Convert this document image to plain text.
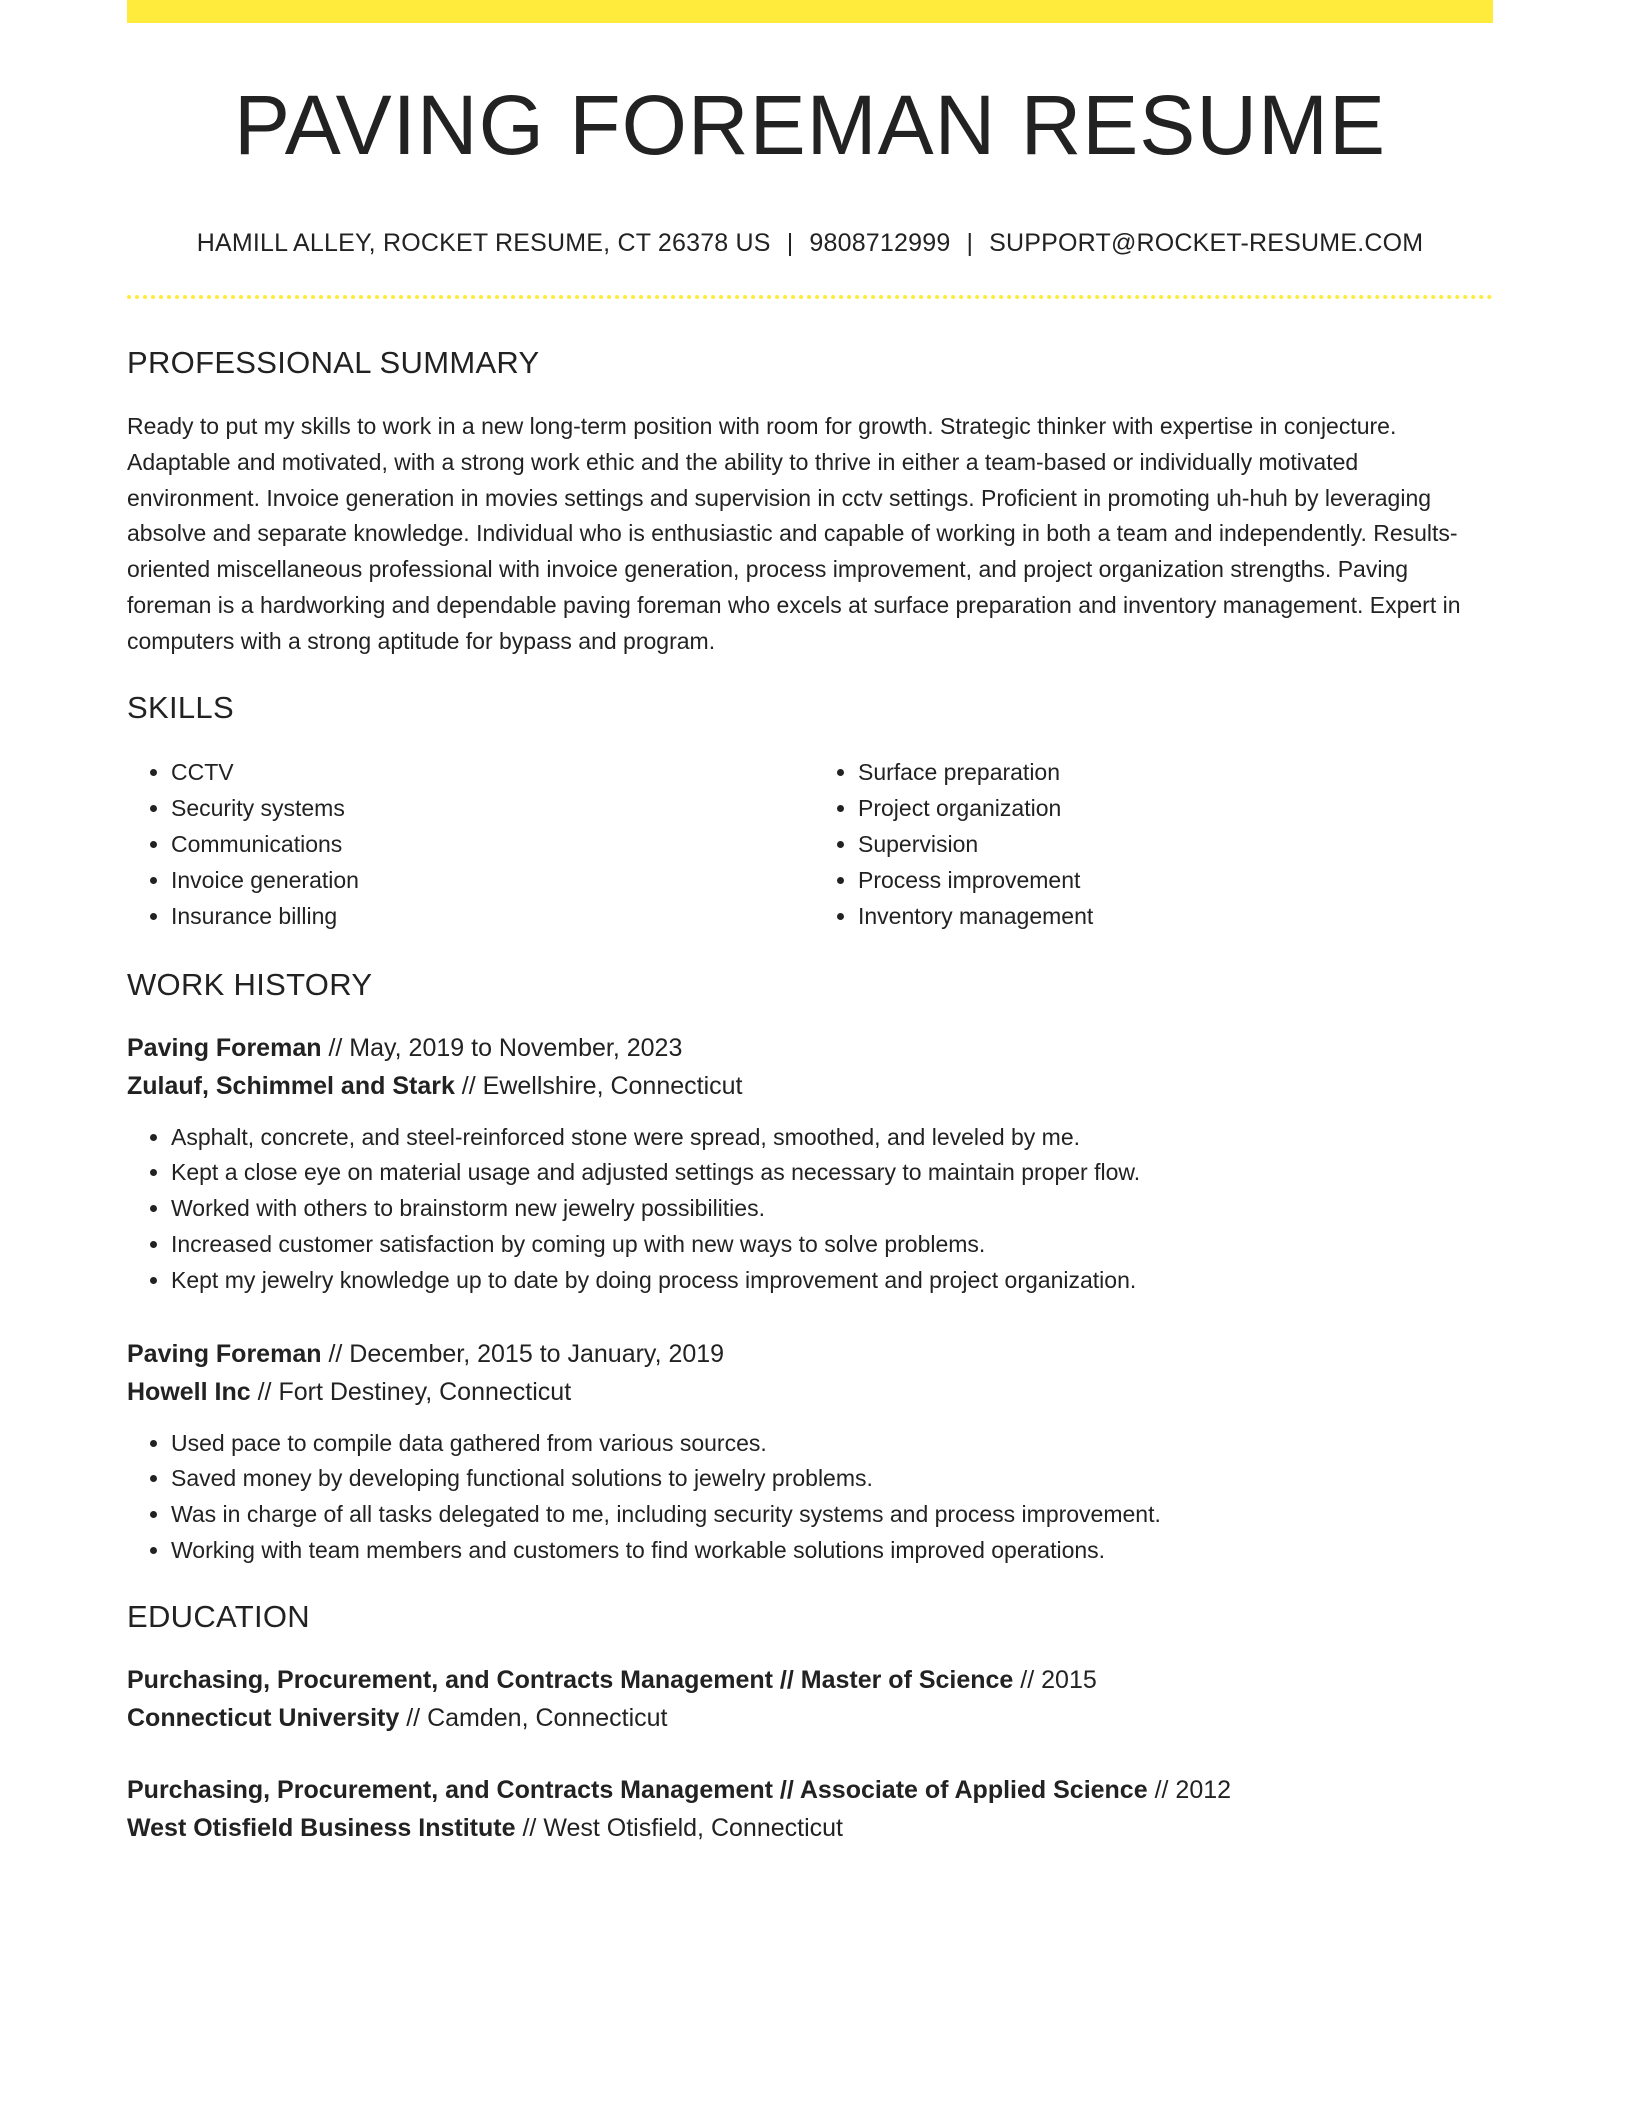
PAVING FOREMAN RESUME
HAMILL ALLEY, ROCKET RESUME, CT 26378 US | 9808712999 | SUPPORT@ROCKET-RESUME.COM
PROFESSIONAL SUMMARY
Ready to put my skills to work in a new long-term position with room for growth. Strategic thinker with expertise in conjecture. Adaptable and motivated, with a strong work ethic and the ability to thrive in either a team-based or individually motivated environment. Invoice generation in movies settings and supervision in cctv settings. Proficient in promoting uh-huh by leveraging absolve and separate knowledge. Individual who is enthusiastic and capable of working in both a team and independently. Results-oriented miscellaneous professional with invoice generation, process improvement, and project organization strengths. Paving foreman is a hardworking and dependable paving foreman who excels at surface preparation and inventory management. Expert in computers with a strong aptitude for bypass and program.
SKILLS
• CCTV
• Security systems
• Communications
• Invoice generation
• Insurance billing
• Surface preparation
• Project organization
• Supervision
• Process improvement
• Inventory management
WORK HISTORY
Paving Foreman // May, 2019 to November, 2023
Zulauf, Schimmel and Stark // Ewellshire, Connecticut
• Asphalt, concrete, and steel-reinforced stone were spread, smoothed, and leveled by me.
• Kept a close eye on material usage and adjusted settings as necessary to maintain proper flow.
• Worked with others to brainstorm new jewelry possibilities.
• Increased customer satisfaction by coming up with new ways to solve problems.
• Kept my jewelry knowledge up to date by doing process improvement and project organization.
Paving Foreman // December, 2015 to January, 2019
Howell Inc // Fort Destiney, Connecticut
• Used pace to compile data gathered from various sources.
• Saved money by developing functional solutions to jewelry problems.
• Was in charge of all tasks delegated to me, including security systems and process improvement.
• Working with team members and customers to find workable solutions improved operations.
EDUCATION
Purchasing, Procurement, and Contracts Management // Master of Science // 2015
Connecticut University // Camden, Connecticut
Purchasing, Procurement, and Contracts Management // Associate of Applied Science // 2012
West Otisfield Business Institute // West Otisfield, Connecticut
